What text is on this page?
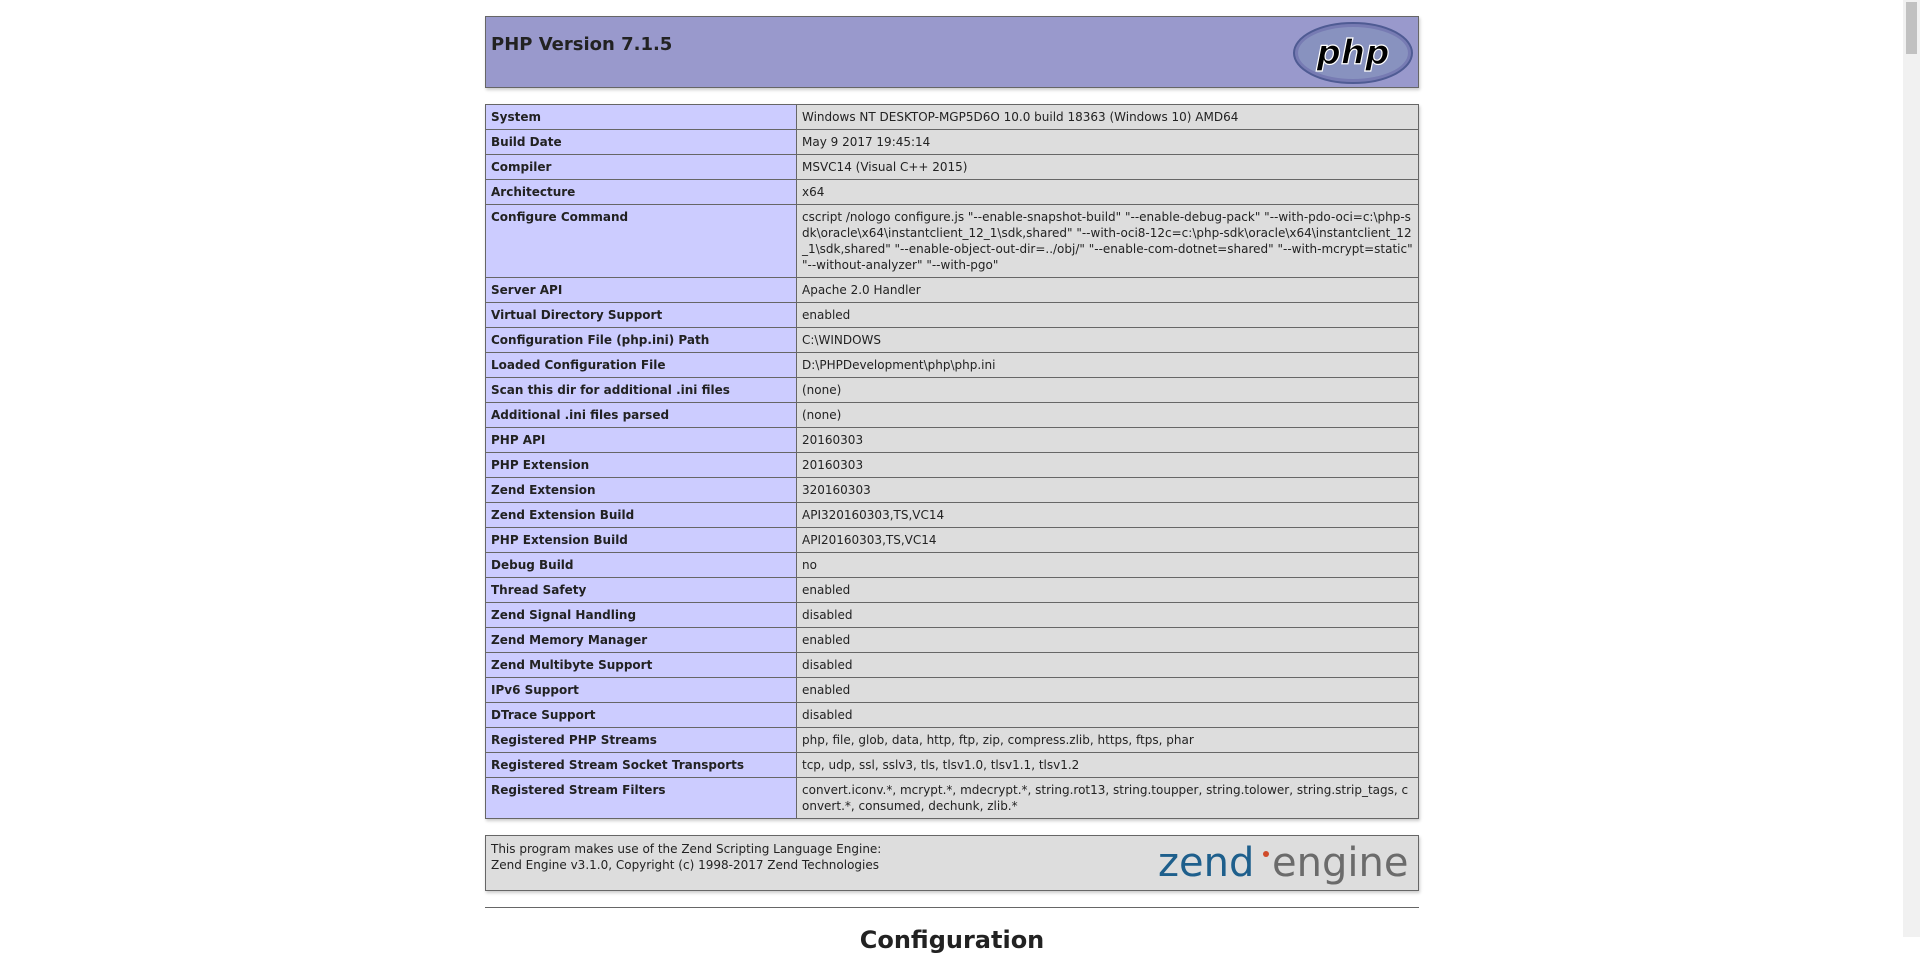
PHP Version 7.1.5	php
System	Windows NT DESKTOP-MGP5D6O 10.0 build 18363 (Windows 10) AMD64
Build Date	May 9 2017 19:45:14
Compiler	MSVC14 (Visual C++ 2015)
Architecture	x64
Configure Command	cscript /nologo configure.js "--enable-snapshot-build" "--enable-debug-pack" "--with-pdo-oci=c:\php-sdk\oracle\x64\instantclient_12_1\sdk,shared" "--with-oci8-12c=c:\php-sdk\oracle\x64\instantclient_12_1\sdk,shared" "--enable-object-out-dir=../obj/" "--enable-com-dotnet=shared" "--with-mcrypt=static" "--without-analyzer" "--with-pgo"
Server API	Apache 2.0 Handler
Virtual Directory Support	enabled
Configuration File (php.ini) Path	C:\WINDOWS
Loaded Configuration File	D:\PHPDevelopment\php\php.ini
Scan this dir for additional .ini files	(none)
Additional .ini files parsed	(none)
PHP API	20160303
PHP Extension	20160303
Zend Extension	320160303
Zend Extension Build	API320160303,TS,VC14
PHP Extension Build	API20160303,TS,VC14
Debug Build	no
Thread Safety	enabled
Zend Signal Handling	disabled
Zend Memory Manager	enabled
Zend Multibyte Support	disabled
IPv6 Support	enabled
DTrace Support	disabled
Registered PHP Streams	php, file, glob, data, http, ftp, zip, compress.zlib, https, ftps, phar
Registered Stream Socket Transports	tcp, udp, ssl, sslv3, tls, tlsv1.0, tlsv1.1, tlsv1.2
Registered Stream Filters	convert.iconv.*, mcrypt.*, mdecrypt.*, string.rot13, string.toupper, string.tolower, string.strip_tags, convert.*, consumed, dechunk, zlib.*
This program makes use of the Zend Scripting Language Engine:
Zend Engine v3.1.0, Copyright (c) 1998-2017 Zend Technologies	zend engine
Configuration
